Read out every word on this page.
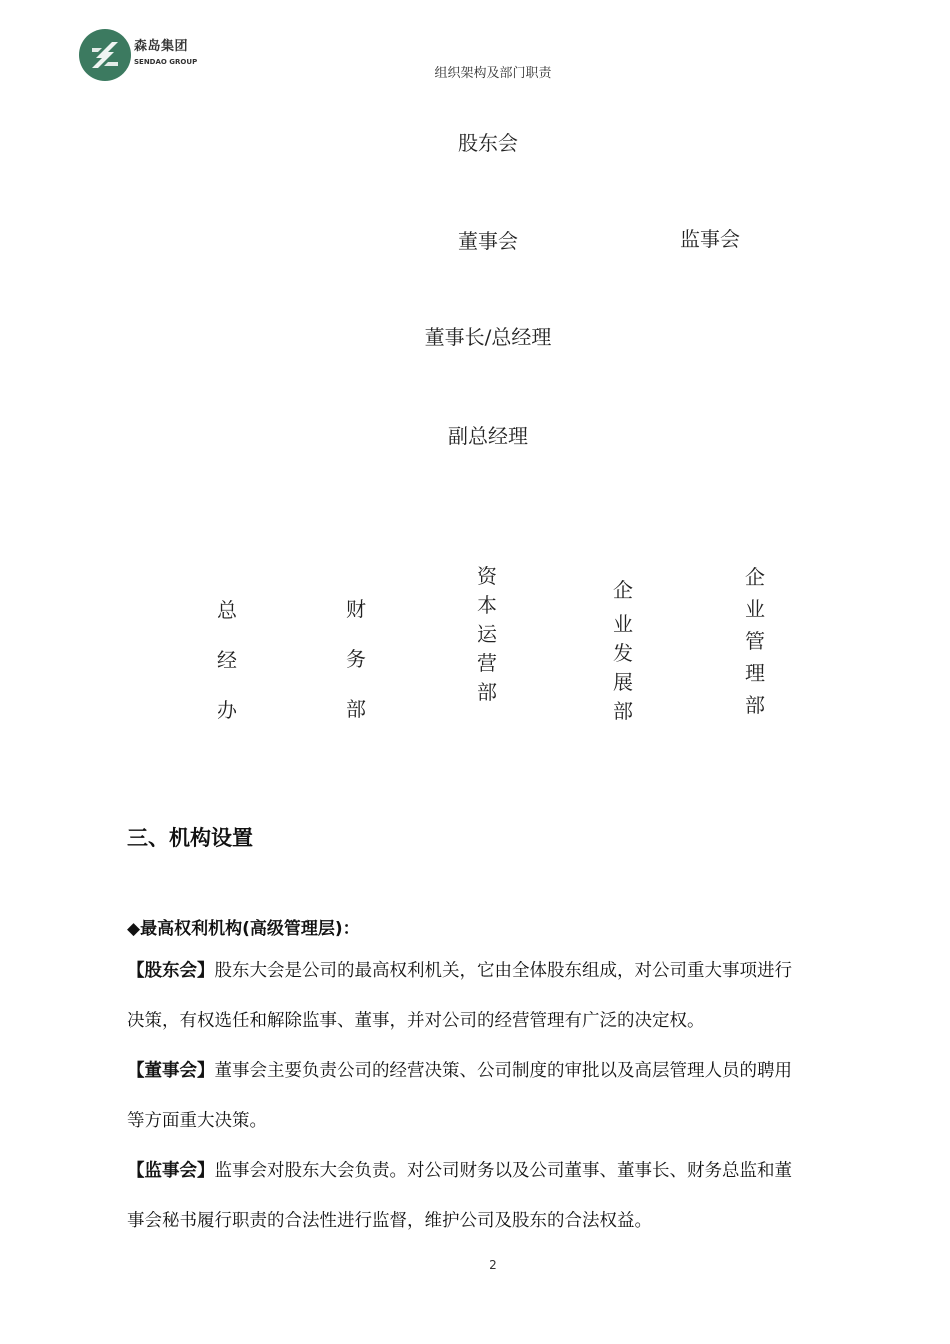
森岛集团
SENDAO GROUP
组织架构及部门职责
股东会
董事会	监事会
董事长/总经理
副总经理
总
经
办
财
务
部
资
本
运
营
部
企
业
发
展
部
企
业
管
理
部
三、机构设置
◆最高权利机构(高级管理层)：
【股东会】股东大会是公司的最高权利机关，它由全体股东组成，对公司重大事项进行
决策，有权选任和解除监事、董事，并对公司的经营管理有广泛的决定权。
【董事会】董事会主要负责公司的经营决策、公司制度的审批以及高层管理人员的聘用
等方面重大决策。
【监事会】监事会对股东大会负责。对公司财务以及公司董事、董事长、财务总监和董
事会秘书履行职责的合法性进行监督，维护公司及股东的合法权益。
2
